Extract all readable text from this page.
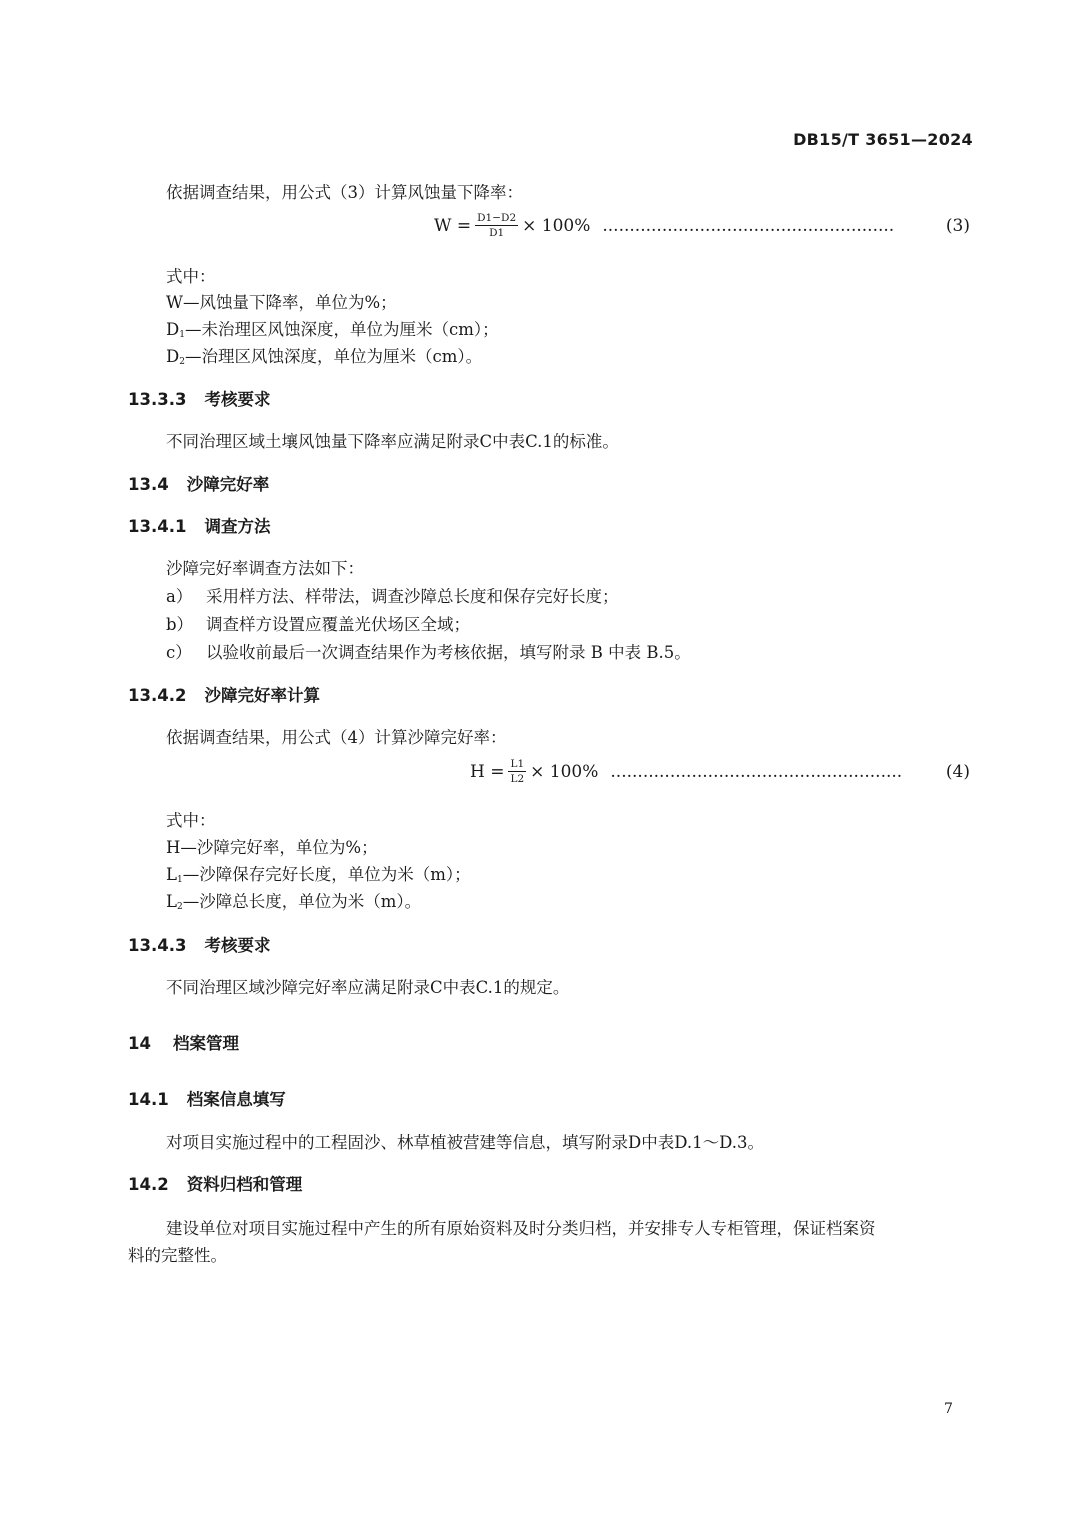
DB15/T 3651—2024
依据调查结果，用公式（3）计算风蚀量下降率：
$W = \frac{D1-D2}{D1} \times 100\%$ ......................................................	(3)
式中：
W—风蚀量下降率，单位为%；
$D_1—$未治理区风蚀深度，单位为厘米（cm）；
$D_2—$治理区风蚀深度，单位为厘米（cm）。
13.3.3 考核要求
不同治理区域土壤风蚀量下降率应满足附录C中表C.1的标准。
13.4 沙障完好率
13.4.1 调查方法
沙障完好率调查方法如下：
a） 采用样方法、样带法，调查沙障总长度和保存完好长度；
b） 调查样方设置应覆盖光伏场区全域；
c） 以验收前最后一次调查结果作为考核依据，填写附录 B 中表 B.5。
13.4.2 沙障完好率计算
依据调查结果，用公式（4）计算沙障完好率：
$H = \frac{L1}{L2} \times 100\%$ ......................................................	(4)
式中：
H—沙障完好率，单位为%；
$L_1—$沙障保存完好长度，单位为米（m）；
$L_2—$沙障总长度，单位为米（m）。
13.4.3 考核要求
不同治理区域沙障完好率应满足附录C中表C.1的规定。
14 档案管理
14.1 档案信息填写
对项目实施过程中的工程固沙、林草植被营建等信息，填写附录D中表D.1～D.3。
14.2 资料归档和管理
建设单位对项目实施过程中产生的所有原始资料及时分类归档，并安排专人专柜管理，保证档案资
料的完整性。
7
